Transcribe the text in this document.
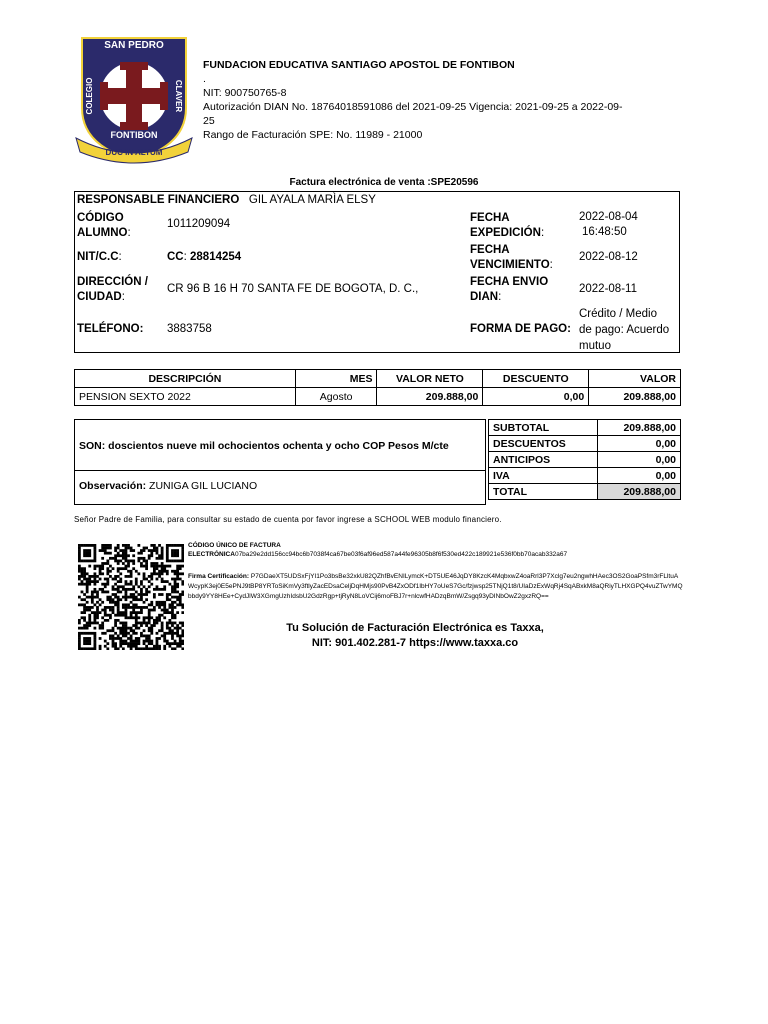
SAN PEDRO
COLEGIO	CLAVER
FONTIBON
DUC IN ALTUM
FUNDACION EDUCATIVA SANTIAGO APOSTOL DE FONTIBON
.
NIT: 900750765-8
Autorización DIAN No. 18764018591086 del 2021-09-25 Vigencia: 2021-09-25 a 2022-09-25
Rango de Facturación SPE: No. 11989 - 21000
Factura electrónica de venta :SPE20596
RESPONSABLE FINANCIERO GIL AYALA MARÌA ELSY
CÓDIGO
ALUMNO:
1011209094
NIT/C.C:	CC: 28814254
DIRECCIÓN /
CIUDAD:
CR 96 B 16 H 70 SANTA FE DE BOGOTA, D. C.,
TELÉFONO: 3883758
FECHA
EXPEDICIÓN:
2022-08-04
16:48:50
FECHA
VENCIMIENTO:
2022-08-12
FECHA ENVIO
DIAN:
2022-08-11
FORMA DE PAGO:
Crédito / Medio
de pago: Acuerdo
mutuo
DESCRIPCIÓN	MES	VALOR NETO	DESCUENTO	VALOR
PENSION SEXTO 2022	Agosto	209.888,00	0,00	209.888,00
SON: doscientos nueve mil ochocientos ochenta y ocho COP Pesos M/cte
Observación: ZUNIGA GIL LUCIANO
SUBTOTAL	209.888,00
DESCUENTOS	0,00
ANTICIPOS	0,00
IVA	0,00
TOTAL	209.888,00
Señor Padre de Familia, para consultar su estado de cuenta por favor ingrese a SCHOOL WEB modulo financiero.
CÓDIGO ÚNICO DE FACTURA
ELECTRÓNICA07ba29e2dd156cc94bc6b7038f4ca67be03f6af96ed587a44fe96305b8f6f530ed422c189921e536f0bb70acab332a67
Firma Certificación: P7GDaeXT5UDSxFjYI1Po3bsBe32xkU82QZhfBvENILymcK+DT5UE46JqDY8KzcK4MqbxwZ4oaRrl3P7Xclg7eu2ngwhHAec3OS2GoaPSfm3rFLltuAWcypK3ej0E5ePNJ9tBP8YRToSiKmVy3ftlyZacEDsaCeljDqHMjs90PvB4ZxODf1IbHY7oUeS7Gc/fzjwsp25TNjQ1t8/UIaDzExWqRj4SqABxkM8aQRiyTLHXGPQ4vuZTwYMQbbdy9YY8HEe+CydJlW3XGmgUzhIdsbU2GdzRgp+tjRyN8LoVCij6moFBJ7r+nlcwfHADzqBmW/Zsgq93yDINbOwZ2gxzRQ==
Tu Solución de Facturación Electrónica es Taxxa,
NIT: 901.402.281-7 https://www.taxxa.co
